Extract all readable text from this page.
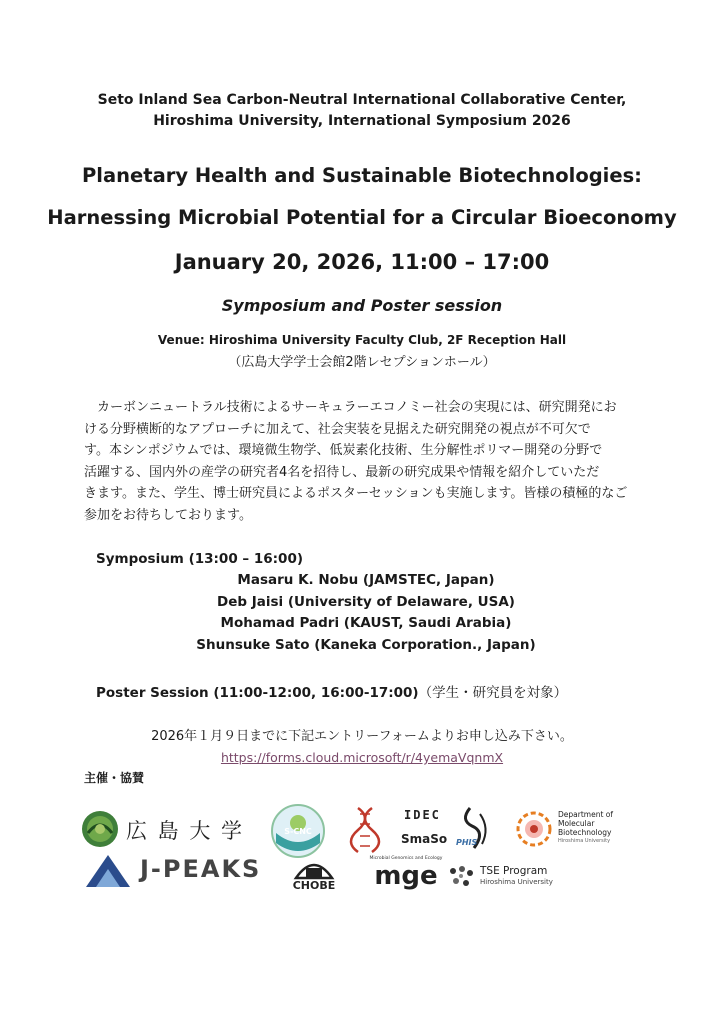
Seto Inland Sea Carbon-Neutral International Collaborative Center,
Hiroshima University, International Symposium 2026
Planetary Health and Sustainable Biotechnologies:
Harnessing Microbial Potential for a Circular Bioeconomy
January 20, 2026, 11:00 – 17:00
Symposium and Poster session
Venue: Hiroshima University Faculty Club, 2F Reception Hall
（広島大学学士会館2階レセプションホール）
　カーボンニュートラル技術によるサーキュラーエコノミー社会の実現には、研究開発にお
ける分野横断的なアプローチに加えて、社会実装を見据えた研究開発の視点が不可欠で
す。本シンポジウムでは、環境微生物学、低炭素化技術、生分解性ポリマー開発の分野で
活躍する、国内外の産学の研究者4名を招待し、最新の研究成果や情報を紹介していただ
きます。また、学生、博士研究員によるポスターセッションも実施します。皆様の積極的なご
参加をお待ちしております。
Symposium (13:00 – 16:00)
Masaru K. Nobu (JAMSTEC, Japan)
Deb Jaisi (University of Delaware, USA)
Mohamad Padri (KAUST, Saudi Arabia)
Shunsuke Sato (Kaneka Corporation., Japan)
Poster Session (11:00-12:00, 16:00-17:00)（学生・研究員を対象）
2026年１月９日までに下記エントリーフォームよりお申し込み下さい。
https://forms.cloud.microsoft/r/4yemaVqnmX
主催・協賛
広 島 大 学	S-CNC
IDEC
SmaSo PHIS
Department of
Molecular
Biotechnology
Hiroshima University
J-PEAKS
CHOBE
Microbial Genomics and Ecology
mge	TSE Program
Hiroshima University
